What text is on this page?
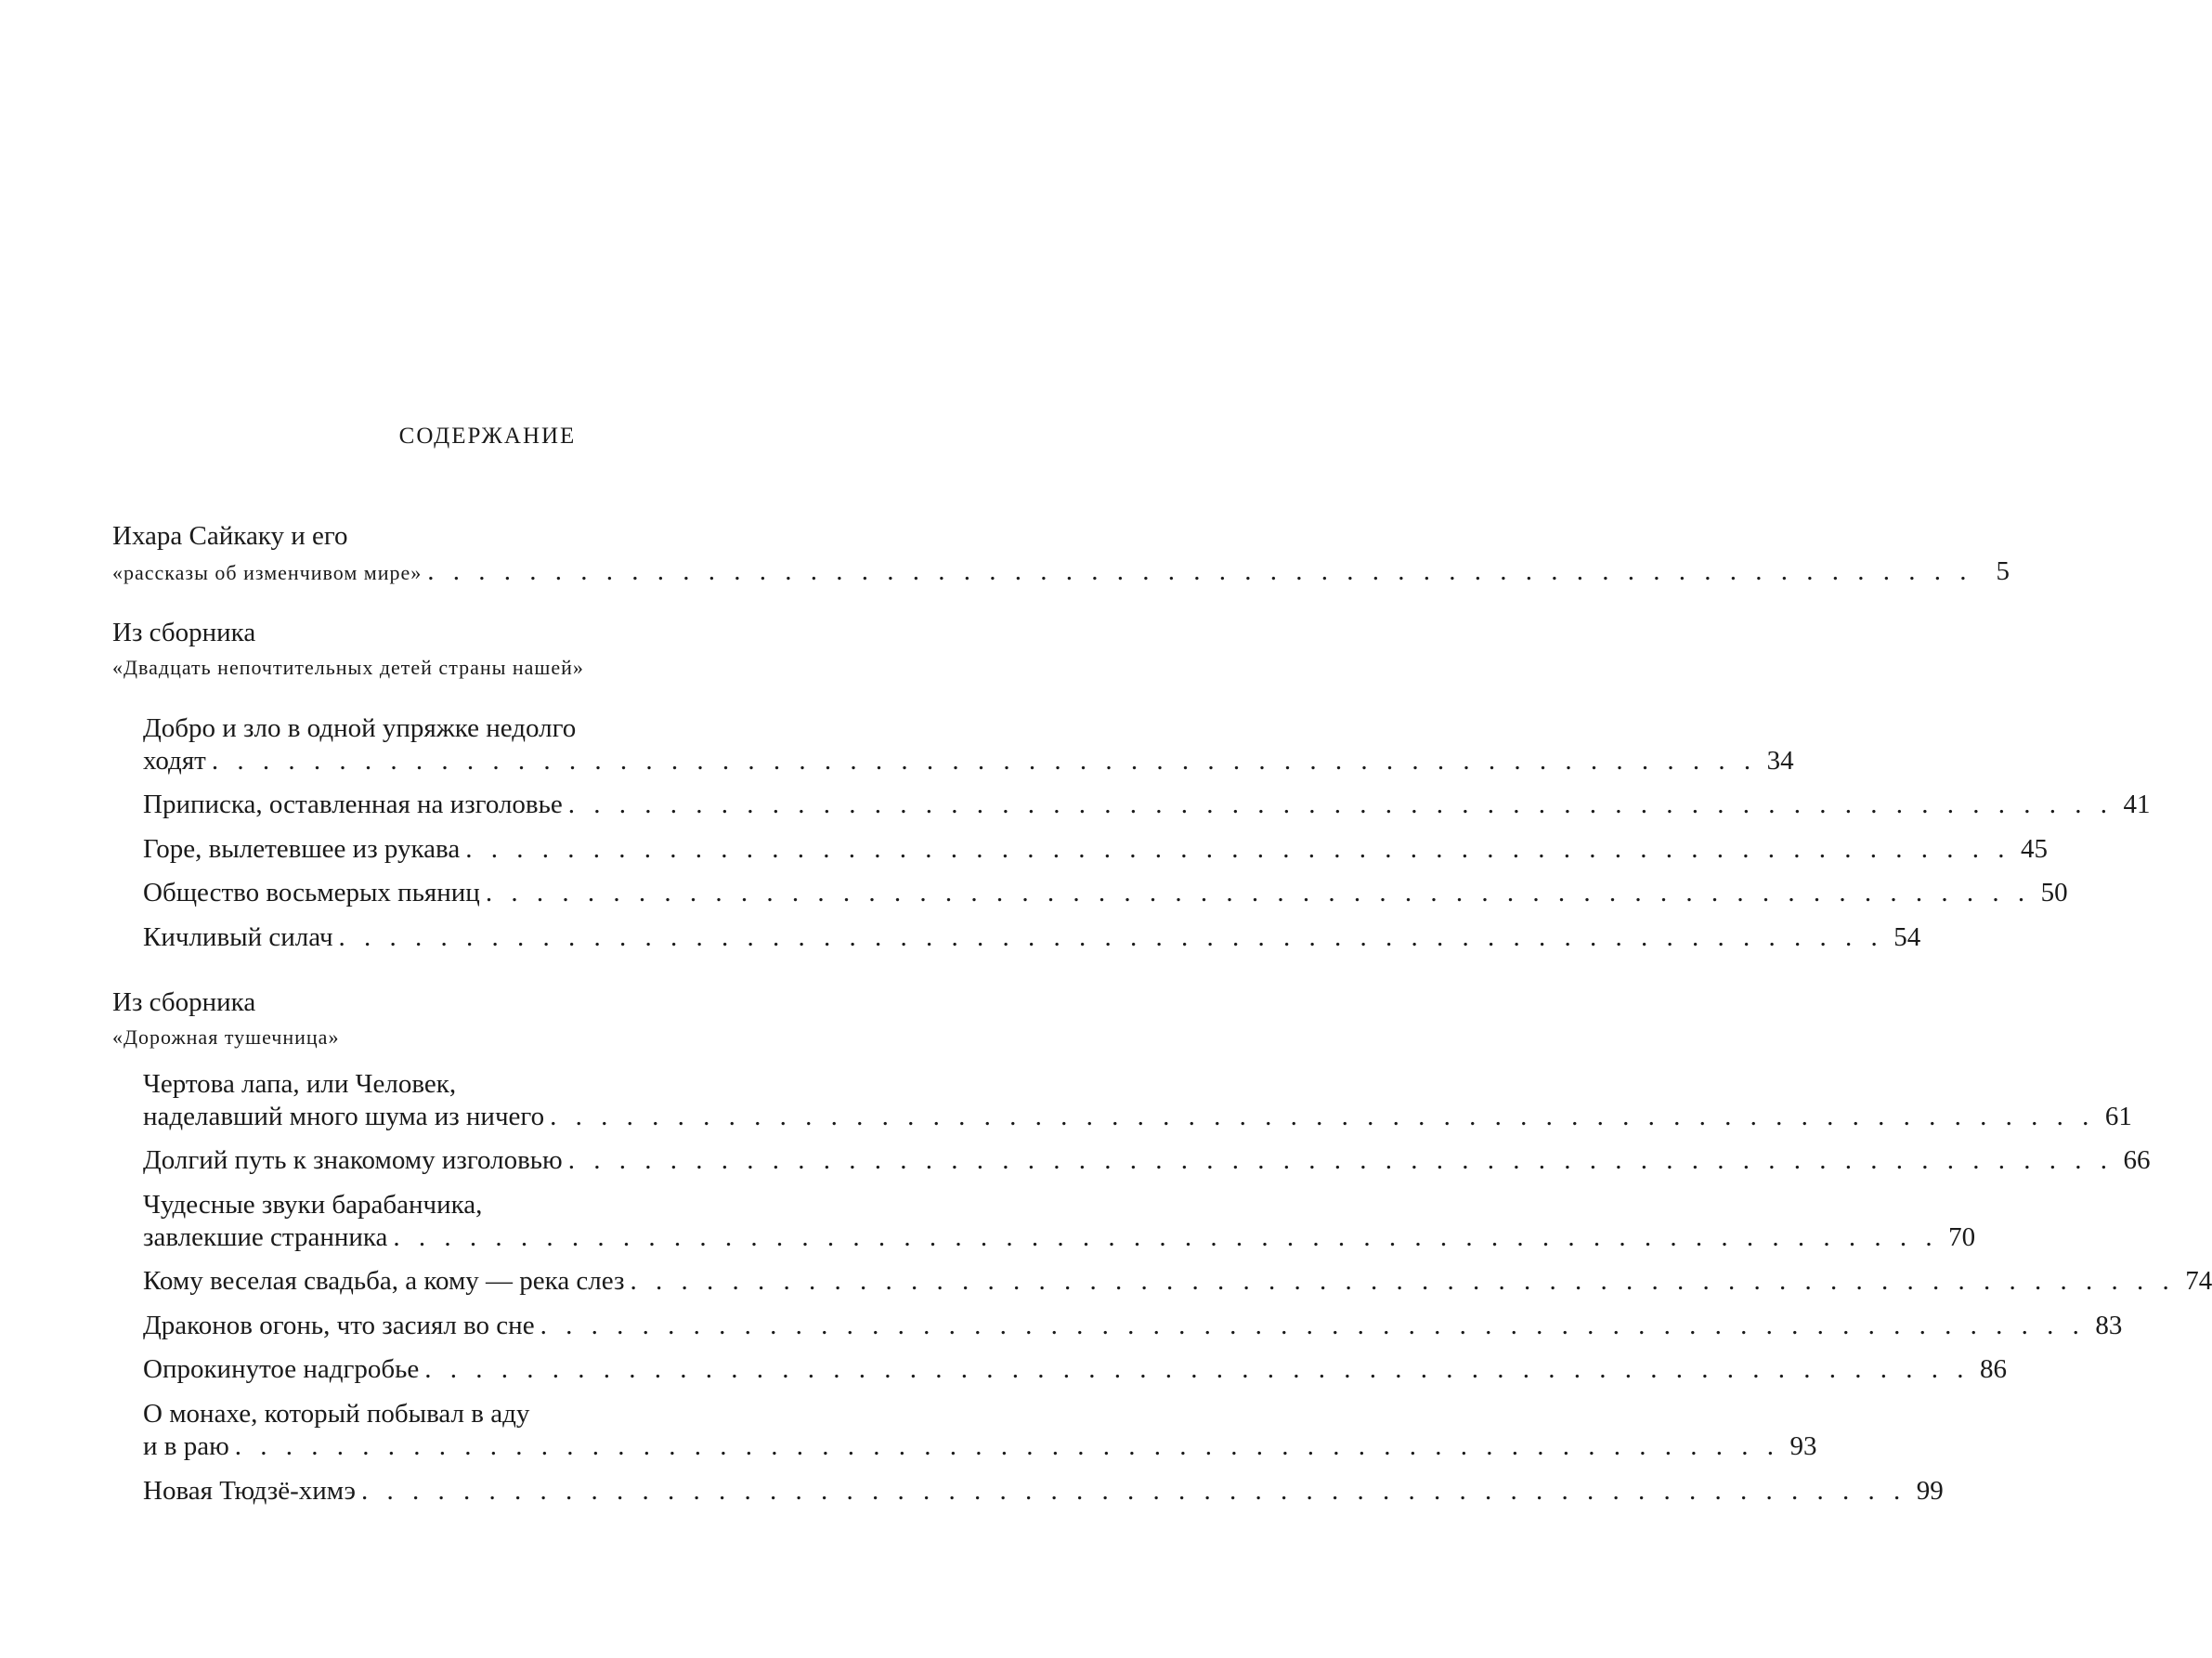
СОДЕРЖАНИЕ
Ихара Сайкаку и его
«рассказы об изменчивом мире» . . . . . . . . . . . . . . . . . . . . . . . . . . . . . . . . . . . . . . . . . . . . . . . . . . . . . . . . . . . . . 5
Из сборника
«Двадцать непочтительных детей страны нашей»
Добро и зло в одной упряжке недолго
ходят . . . . . . . . . . . . . . . . . . . . . . . . . . . . . . . . . . . . . . . . . . . . . . . . . . . . . . . . . . . . . 34
Приписка, оставленная на изголовье . . . . . . . . . . . . . . . . . . . . . . . . . . . . . . . . . . . . . . . . . . . . . . . . . . . . . . . . . . . . . 41
Горе, вылетевшее из рукава . . . . . . . . . . . . . . . . . . . . . . . . . . . . . . . . . . . . . . . . . . . . . . . . . . . . . . . . . . . . . 45
Общество восьмерых пьяниц . . . . . . . . . . . . . . . . . . . . . . . . . . . . . . . . . . . . . . . . . . . . . . . . . . . . . . . . . . . . . 50
Кичливый силач . . . . . . . . . . . . . . . . . . . . . . . . . . . . . . . . . . . . . . . . . . . . . . . . . . . . . . . . . . . . . 54
Из сборника
«Дорожная тушечница»
Чертова лапа, или Человек,
наделавший много шума из ничего . . . . . . . . . . . . . . . . . . . . . . . . . . . . . . . . . . . . . . . . . . . . . . . . . . . . . . . . . . . . . 61
Долгий путь к знакомому изголовью . . . . . . . . . . . . . . . . . . . . . . . . . . . . . . . . . . . . . . . . . . . . . . . . . . . . . . . . . . . . . 66
Чудесные звуки барабанчика,
завлекшие странника . . . . . . . . . . . . . . . . . . . . . . . . . . . . . . . . . . . . . . . . . . . . . . . . . . . . . . . . . . . . . 70
Кому веселая свадьба, а кому — река слез . . . . . . . . . . . . . . . . . . . . . . . . . . . . . . . . . . . . . . . . . . . . . . . . . . . . . . . . . . . . . 74
Драконов огонь, что засиял во сне . . . . . . . . . . . . . . . . . . . . . . . . . . . . . . . . . . . . . . . . . . . . . . . . . . . . . . . . . . . . . 83
Опрокинутое надгробье . . . . . . . . . . . . . . . . . . . . . . . . . . . . . . . . . . . . . . . . . . . . . . . . . . . . . . . . . . . . . 86
О монахе, который побывал в аду
и в раю . . . . . . . . . . . . . . . . . . . . . . . . . . . . . . . . . . . . . . . . . . . . . . . . . . . . . . . . . . . . . 93
Новая Тюдзё-химэ . . . . . . . . . . . . . . . . . . . . . . . . . . . . . . . . . . . . . . . . . . . . . . . . . . . . . . . . . . . . . 99
